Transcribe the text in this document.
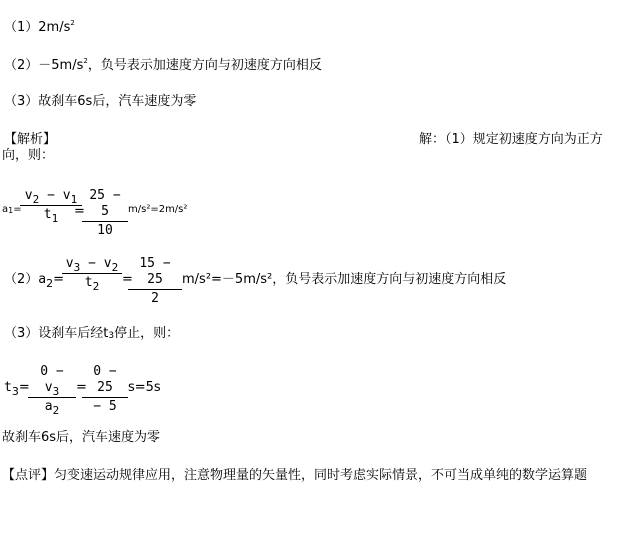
$(1)2m/s^2$
$(2)-5m/s^2$，负号表示加速度方向与初速度方向相反
（3）故刹车6s后，汽车速度为零
【解析】	解：（1）规定初速度方向为正方
向，则：
a1=
$v_2 - v_1$
$t_1$	=
25 − 5
10
m/s²=2m/s²
$(2)a_2=$
$v_3 - v_2$
$t_2$	=
15 − 25
2
m/s²=－5m/s²，负号表示加速度方向与初速度方向相反
（3）设刹车后经t3停止，则：
$t_3=$
$0 - v_3$
$a_2$
=
0 − 25
− 5
s=5s
故刹车6s后，汽车速度为零
【点评】匀变速运动规律应用，注意物理量的矢量性，同时考虑实际情景，不可当成单纯的数学运算题
